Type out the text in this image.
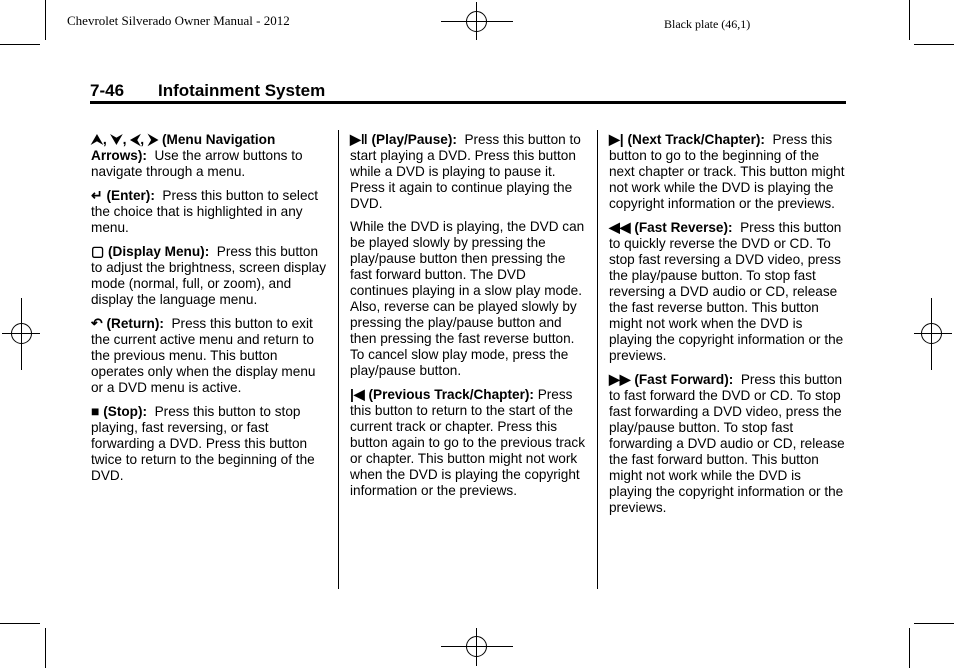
Chevrolet Silverado Owner Manual - 2012	Black plate (46,1)
7-46 Infotainment System

⮝, ⮟, ⮜, ⮞ (Menu Navigation Arrows): Use the arrow buttons to navigate through a menu.

↵ (Enter): Press this button to select the choice that is highlighted in any menu.

▢ (Display Menu): Press this button to adjust the brightness, screen display mode (normal, full, or zoom), and display the language menu.

↶ (Return): Press this button to exit the current active menu and return to the previous menu. This button operates only when the display menu or a DVD menu is active.

■ (Stop): Press this button to stop playing, fast reversing, or fast forwarding a DVD. Press this button twice to return to the beginning of the DVD.

▶‖ (Play/Pause): Press this button to start playing a DVD. Press this button while a DVD is playing to pause it. Press it again to continue playing the DVD.

While the DVD is playing, the DVD can be played slowly by pressing the play/pause button then pressing the fast forward button. The DVD continues playing in a slow play mode. Also, reverse can be played slowly by pressing the play/pause button and then pressing the fast reverse button. To cancel slow play mode, press the play/pause button.

|◀ (Previous Track/Chapter): Press this button to return to the start of the current track or chapter. Press this button again to go to the previous track or chapter. This button might not work when the DVD is playing the copyright information or the previews.

▶| (Next Track/Chapter): Press this button to go to the beginning of the next chapter or track. This button might not work while the DVD is playing the copyright information or the previews.

◀◀ (Fast Reverse): Press this button to quickly reverse the DVD or CD. To stop fast reversing a DVD video, press the play/pause button. To stop fast reversing a DVD audio or CD, release the fast reverse button. This button might not work when the DVD is playing the copyright information or the previews.

▶▶ (Fast Forward): Press this button to fast forward the DVD or CD. To stop fast forwarding a DVD video, press the play/pause button. To stop fast forwarding a DVD audio or CD, release the fast forward button. This button might not work while the DVD is playing the copyright information or the previews.
